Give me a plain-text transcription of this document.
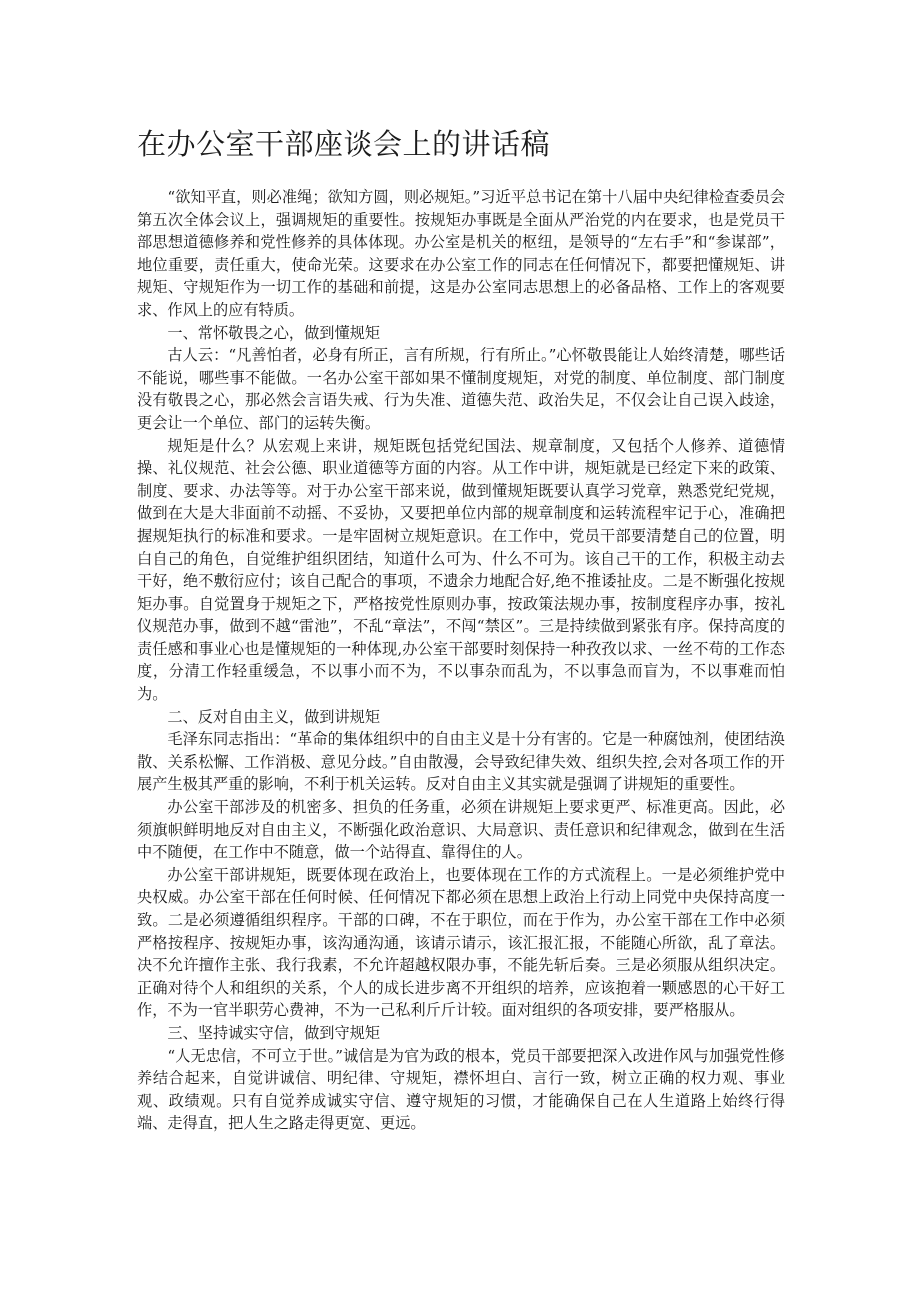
在办公室干部座谈会上的讲话稿

“欲知平直，则必准绳；欲知方圆，则必规矩。”习近平总书记在第十八届中央纪律检查委员会第五次全体会议上，强调规矩的重要性。按规矩办事既是全面从严治党的内在要求，也是党员干部思想道德修养和党性修养的具体体现。办公室是机关的枢纽，是领导的“左右手”和“参谋部”，地位重要，责任重大，使命光荣。这要求在办公室工作的同志在任何情况下，都要把懂规矩、讲规矩、守规矩作为一切工作的基础和前提，这是办公室同志思想上的必备品格、工作上的客观要求、作风上的应有特质。

一、常怀敬畏之心，做到懂规矩

古人云：“凡善怕者，必身有所正，言有所规，行有所止。”心怀敬畏能让人始终清楚，哪些话不能说，哪些事不能做。一名办公室干部如果不懂制度规矩，对党的制度、单位制度、部门制度没有敬畏之心，那必然会言语失戒、行为失准、道德失范、政治失足，不仅会让自己误入歧途，更会让一个单位、部门的运转失衡。

规矩是什么？从宏观上来讲，规矩既包括党纪国法、规章制度，又包括个人修养、道德情操、礼仪规范、社会公德、职业道德等方面的内容。从工作中讲，规矩就是已经定下来的政策、制度、要求、办法等等。对于办公室干部来说，做到懂规矩既要认真学习党章，熟悉党纪党规，做到在大是大非面前不动摇、不妥协，又要把单位内部的规章制度和运转流程牢记于心，准确把握规矩执行的标准和要求。一是牢固树立规矩意识。在工作中，党员干部要清楚自己的位置，明白自己的角色，自觉维护组织团结，知道什么可为、什么不可为。该自己干的工作，积极主动去干好，绝不敷衍应付；该自己配合的事项，不遗余力地配合好,绝不推诿扯皮。二是不断强化按规矩办事。自觉置身于规矩之下，严格按党性原则办事，按政策法规办事，按制度程序办事，按礼仪规范办事，做到不越“雷池”，不乱“章法”，不闯“禁区”。三是持续做到紧张有序。保持高度的责任感和事业心也是懂规矩的一种体现,办公室干部要时刻保持一种孜孜以求、一丝不苟的工作态度，分清工作轻重缓急，不以事小而不为，不以事杂而乱为，不以事急而盲为，不以事难而怕为。

二、反对自由主义，做到讲规矩

毛泽东同志指出：“革命的集体组织中的自由主义是十分有害的。它是一种腐蚀剂，使团结涣散、关系松懈、工作消极、意见分歧。”自由散漫，会导致纪律失效、组织失控,会对各项工作的开展产生极其严重的影响，不利于机关运转。反对自由主义其实就是强调了讲规矩的重要性。

办公室干部涉及的机密多、担负的任务重，必须在讲规矩上要求更严、标准更高。因此，必须旗帜鲜明地反对自由主义，不断强化政治意识、大局意识、责任意识和纪律观念，做到在生活中不随便，在工作中不随意，做一个站得直、靠得住的人。

办公室干部讲规矩，既要体现在政治上，也要体现在工作的方式流程上。一是必须维护党中央权威。办公室干部在任何时候、任何情况下都必须在思想上政治上行动上同党中央保持高度一致。二是必须遵循组织程序。干部的口碑，不在于职位，而在于作为，办公室干部在工作中必须严格按程序、按规矩办事，该沟通沟通，该请示请示，该汇报汇报，不能随心所欲，乱了章法。决不允许擅作主张、我行我素，不允许超越权限办事，不能先斩后奏。三是必须服从组织决定。正确对待个人和组织的关系，个人的成长进步离不开组织的培养，应该抱着一颗感恩的心干好工作，不为一官半职劳心费神，不为一己私利斤斤计较。面对组织的各项安排，要严格服从。

三、坚持诚实守信，做到守规矩

“人无忠信，不可立于世。”诚信是为官为政的根本，党员干部要把深入改进作风与加强党性修养结合起来，自觉讲诚信、明纪律、守规矩，襟怀坦白、言行一致，树立正确的权力观、事业观、政绩观。只有自觉养成诚实守信、遵守规矩的习惯，才能确保自己在人生道路上始终行得端、走得直，把人生之路走得更宽、更远。
